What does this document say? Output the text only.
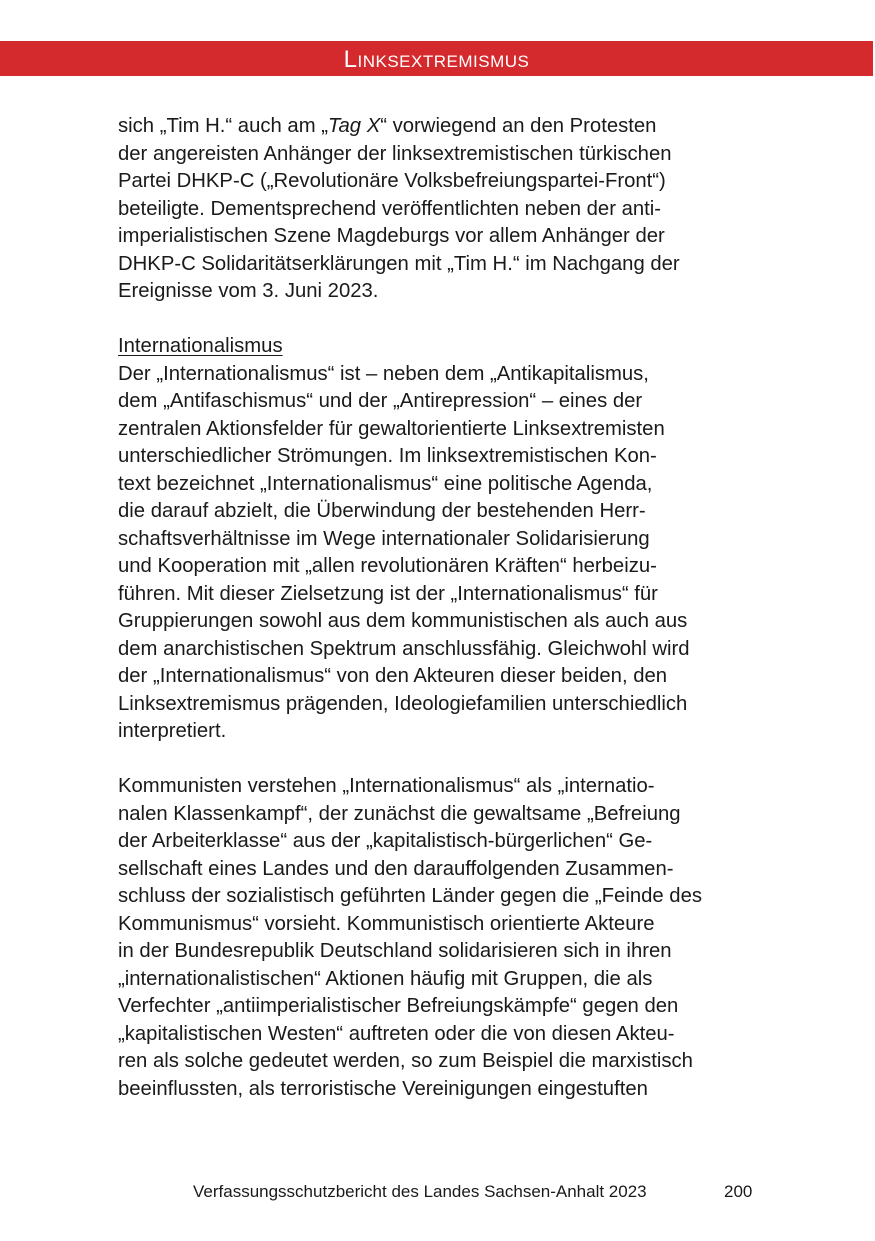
Linksextremismus

sich „Tim H.“ auch am „Tag X“ vorwiegend an den Protesten
der angereisten Anhänger der linksextremistischen türkischen
Partei DHKP-C („Revolutionäre Volksbefreiungspartei-Front“)
beteiligte. Dementsprechend veröffentlichten neben der anti-
imperialistischen Szene Magdeburgs vor allem Anhänger der
DHKP-C Solidaritätserklärungen mit „Tim H.“ im Nachgang der
Ereignisse vom 3. Juni 2023.

Internationalismus

Der „Internationalismus“ ist – neben dem „Antikapitalismus,
dem „Antifaschismus“ und der „Antirepression“ – eines der
zentralen Aktionsfelder für gewaltorientierte Linksextremisten
unterschiedlicher Strömungen. Im linksextremistischen Kon-
text bezeichnet „Internationalismus“ eine politische Agenda,
die darauf abzielt, die Überwindung der bestehenden Herr-
schaftsverhältnisse im Wege internationaler Solidarisierung
und Kooperation mit „allen revolutionären Kräften“ herbeizu-
führen. Mit dieser Zielsetzung ist der „Internationalismus“ für
Gruppierungen sowohl aus dem kommunistischen als auch aus
dem anarchistischen Spektrum anschlussfähig. Gleichwohl wird
der „Internationalismus“ von den Akteuren dieser beiden, den
Linksextremismus prägenden, Ideologiefamilien unterschiedlich
interpretiert.

Kommunisten verstehen „Internationalismus“ als „internatio-
nalen Klassenkampf“, der zunächst die gewaltsame „Befreiung
der Arbeiterklasse“ aus der „kapitalistisch-bürgerlichen“ Ge-
sellschaft eines Landes und den darauffolgenden Zusammen-
schluss der sozialistisch geführten Länder gegen die „Feinde des
Kommunismus“ vorsieht. Kommunistisch orientierte Akteure
in der Bundesrepublik Deutschland solidarisieren sich in ihren
„internationalistischen“ Aktionen häufig mit Gruppen, die als
Verfechter „antiimperialistischer Befreiungskämpfe“ gegen den
„kapitalistischen Westen“ auftreten oder die von diesen Akteu-
ren als solche gedeutet werden, so zum Beispiel die marxistisch
beeinflussten, als terroristische Vereinigungen eingestuften

Verfassungsschutzbericht des Landes Sachsen-Anhalt 2023	200
